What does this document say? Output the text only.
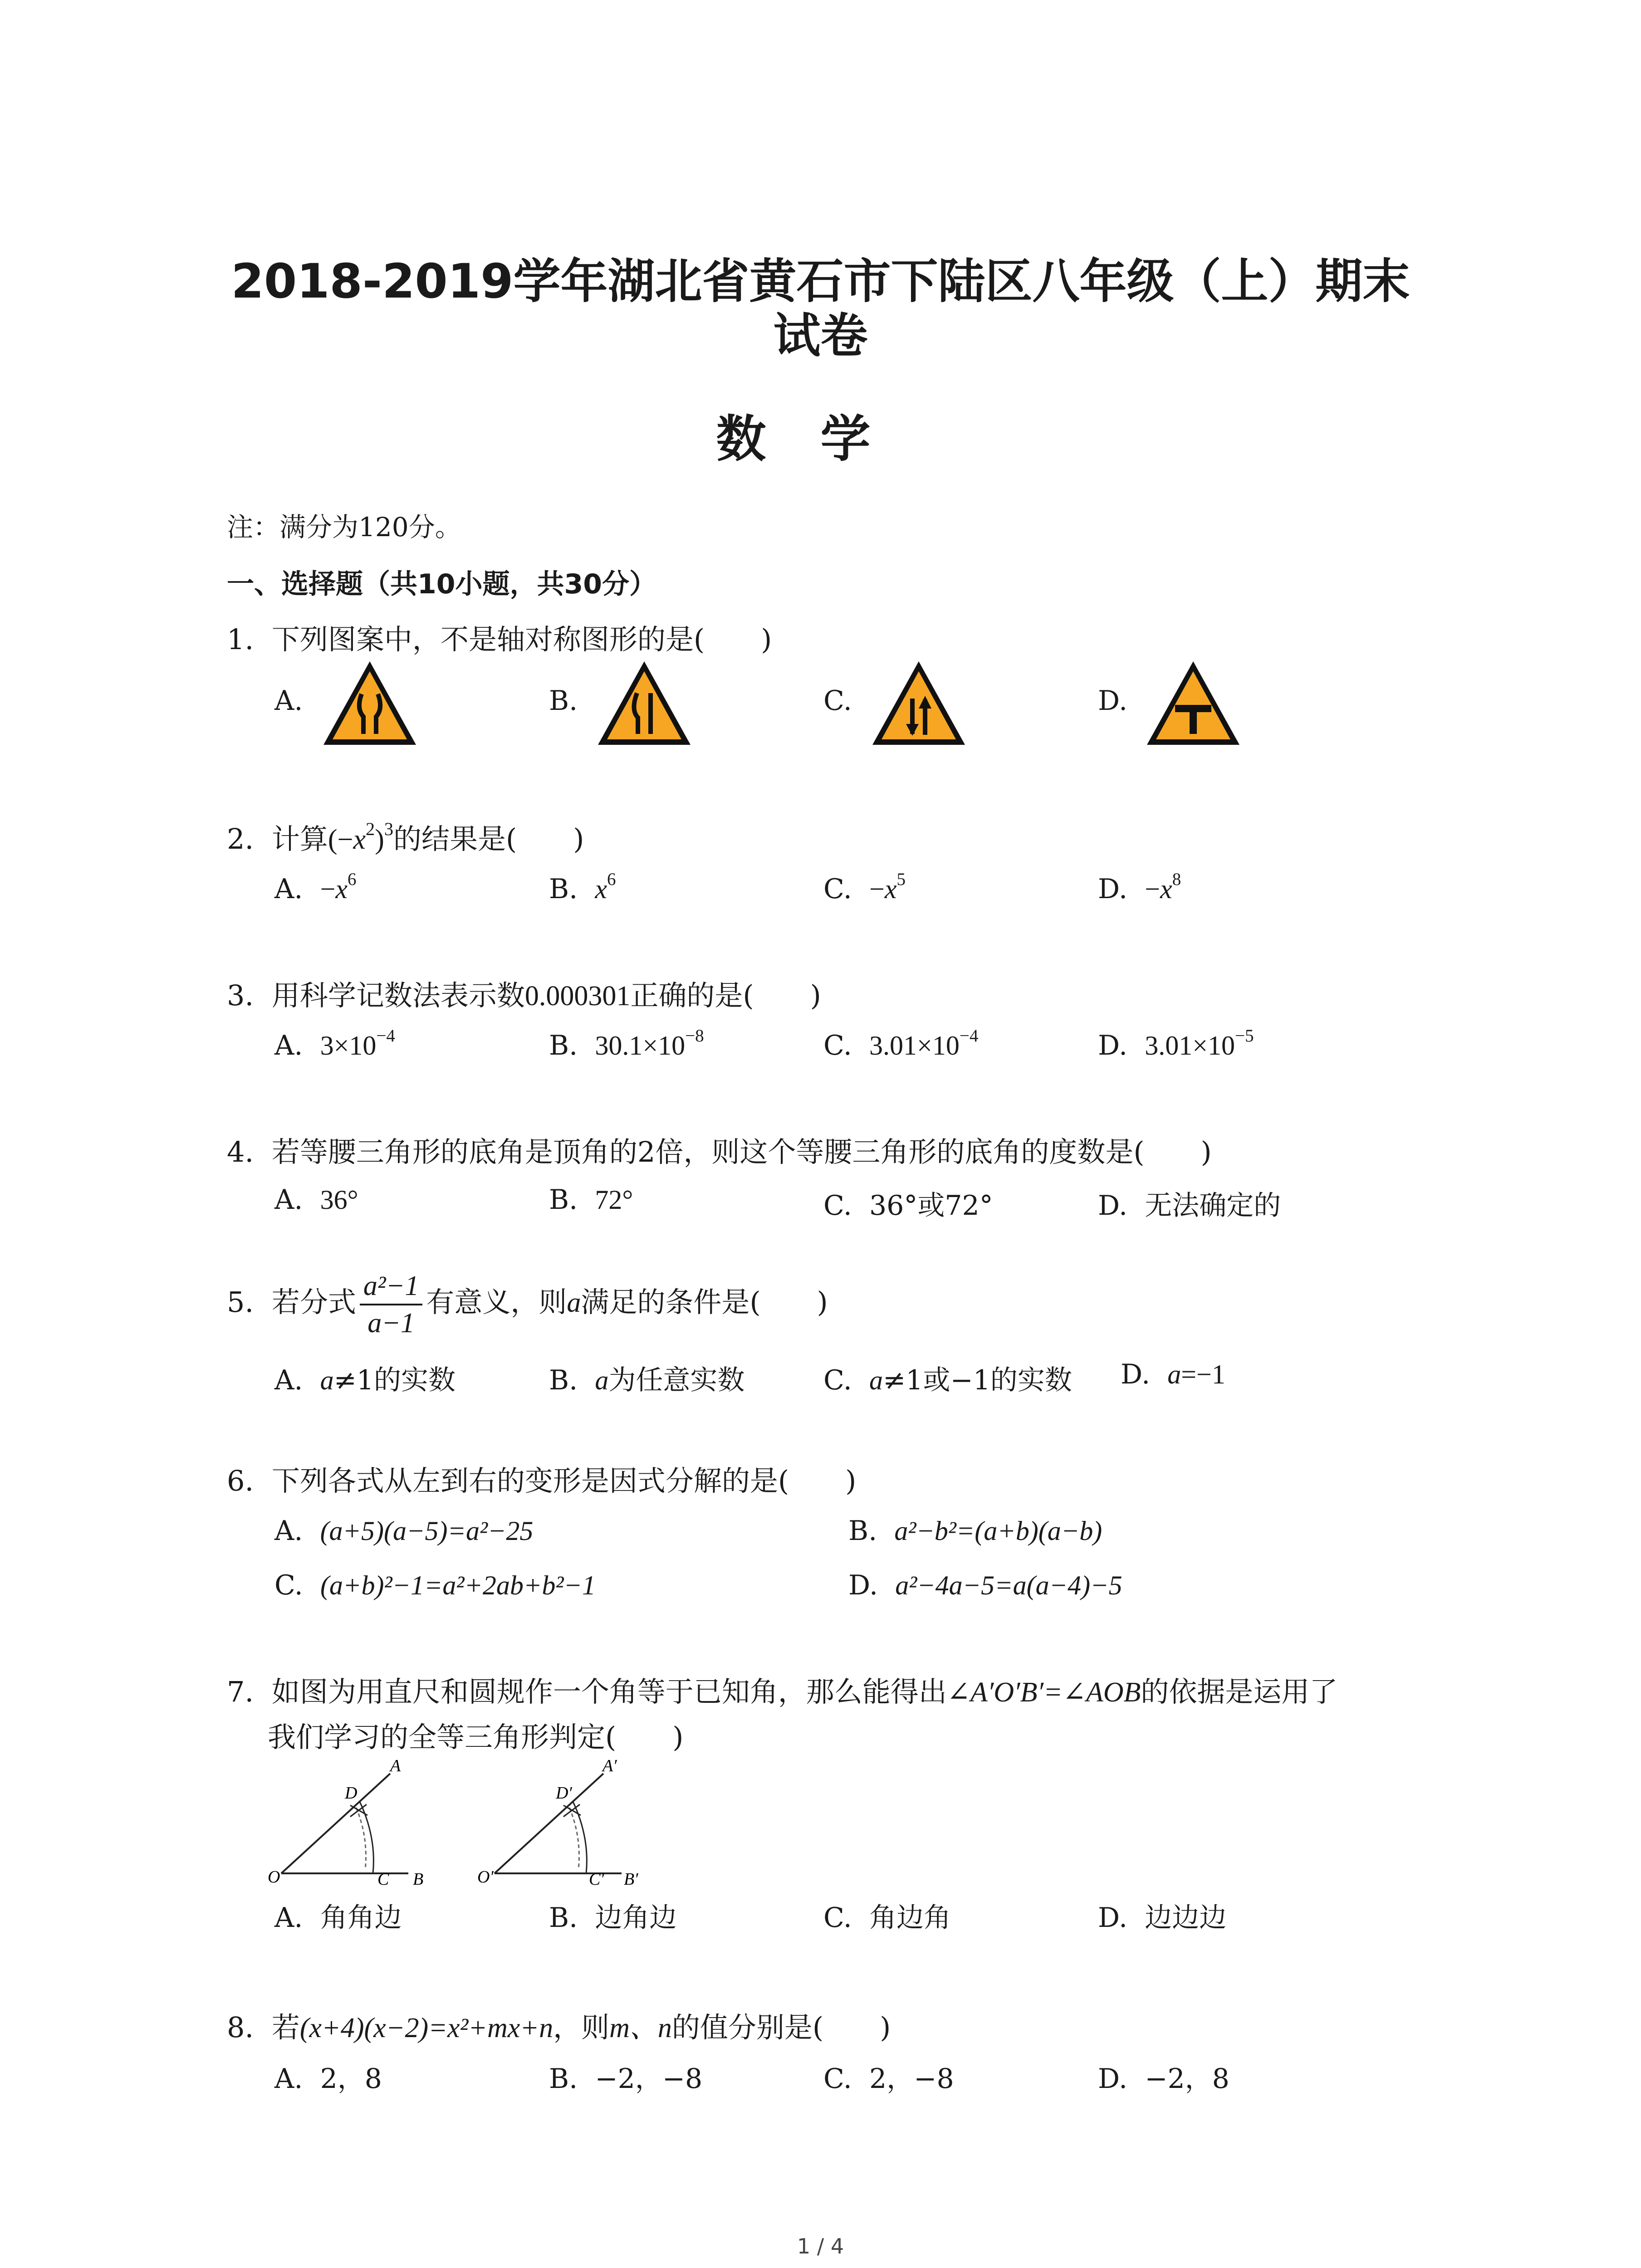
2018-2019学年湖北省黄石市下陆区八年级（上）期末
试卷
数学
注：满分为120分。
一、选择题（共10小题，共30分）
1. 下列图案中，不是轴对称图形的是(　　)
A.	B.	C.	D.
2. 计算$(-x^2)^3$的结果是(　　)
A. $-x^6$	B. $x^6$	C. $-x^5$	D. $-x^8$
3. 用科学记数法表示数0.000301正确的是(　　)
A. $3\times 10^{-4}$	B. $30.1\times 10^{-8}$	C. $3.01\times 10^{-4}$	D. $3.01\times 10^{-5}$
4. 若等腰三角形的底角是顶角的2倍，则这个等腰三角形的底角的度数是(　　)
A. 36°	B. 72°	C. 36°或72°	D. 无法确定的
5. 若分式 $\frac{\text{a²−1}}{a-1}$ 有意义，则a满足的条件是(　　)
A. a≠1的实数	B. a为任意实数	C. a≠1或−1的实数 D. a=−1
6. 下列各式从左到右的变形是因式分解的是(　　)
A. (a+5)(a−5)=a²−25	B. a²−b²=(a+b)(a−b)
C. (a+b)²−1=a²+2ab+b²−1	D. a²−4a−5=a(a−4)−5
7. 如图为用直尺和圆规作一个角等于已知角，那么能得出∠A′O′B′=∠AOB的依据是运用了
我们学习的全等三角形判定(　　)
O	C B
D
A
O′	C′ B′
D′
A′
A. 角角边	B. 边角边	C. 角边角	D. 边边边
8. 若(x+4)(x−2)=x²+mx+n，则m、n的值分别是(　　)
A. 2，8	B. −2，−8	C. 2，−8	D. −2，8
1 / 4
